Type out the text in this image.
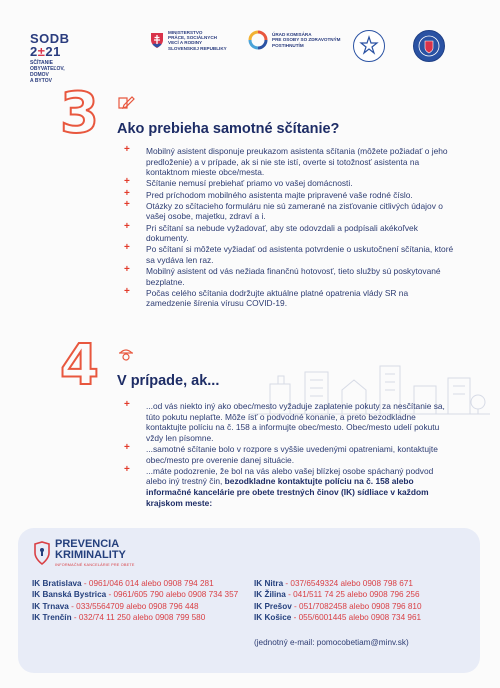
SODB
2±21
SČÍTANIE
OBYVATEĽOV,
DOMOV
A BYTOV
MINISTERSTVO
PRÁCE, SOCIÁLNYCH
VECÍ A RODINY
SLOVENSKEJ REPUBLIKY
ÚRAD KOMISÁRA
PRE OSOBY SO ZDRAVOTNÝM
POSTIHNUTÍM
3 Ako prebieha samotné sčítanie?
+ Mobilný asistent disponuje preukazom asistenta sčítania (môžete požiadať o jeho predloženie) a v prípade, ak si nie ste istí, overte si totožnosť asistenta na kontaktnom mieste obce/mesta.
+ Sčítanie nemusí prebiehať priamo vo vašej domácnosti.
+ Pred príchodom mobilného asistenta majte pripravené vaše rodné číslo.
+ Otázky zo sčítacieho formuláru nie sú zamerané na zisťovanie citlivých údajov o vašej osobe, majetku, zdraví a i.
+ Pri sčítaní sa nebude vyžadovať, aby ste odovzdali a podpísali akékoľvek dokumenty.
+ Po sčítaní si môžete vyžiadať od asistenta potvrdenie o uskutočnení sčítania, ktoré sa vydáva len raz.
+ Mobilný asistent od vás nežiada finančnú hotovosť, tieto služby sú poskytované bezplatne.
+ Počas celého sčítania dodržujte aktuálne platné opatrenia vlády SR na zamedzenie šírenia vírusu COVID-19.
4 V prípade, ak...
+ ...od vás niekto iný ako obec/mesto vyžaduje zaplatenie pokuty za nesčítanie sa, túto pokutu neplaťte. Môže ísť o podvodné konanie, a preto bezodkladne kontaktujte políciu na č. 158 a informujte obec/mesto. Obec/mesto udelí pokutu vždy len písomne.
+ ...samotné sčítanie bolo v rozpore s vyššie uvedenými opatreniami, kontaktujte obec/mesto pre overenie danej situácie.
+ ...máte podozrenie, že bol na vás alebo vašej blízkej osobe spáchaný podvod alebo iný trestný čin, bezodkladne kontaktujte políciu na č. 158 alebo informačné kancelárie pre obete trestných činov (IK) sídliace v každom krajskom meste:
PREVENCIA
KRIMINALITY
INFORMAČNÉ KANCELÁRIE PRE OBETE
IK Bratislava - 0961/046 014 alebo 0908 794 281
IK Banská Bystrica - 0961/605 790 alebo 0908 734 357
IK Trnava - 033/5564709 alebo 0908 796 448
IK Trenčín - 032/74 11 250 alebo 0908 799 580
IK Nitra - 037/6549324 alebo 0908 798 671
IK Žilina - 041/511 74 25 alebo 0908 796 256
IK Prešov - 051/7082458 alebo 0908 796 810
IK Košice - 055/6001445 alebo 0908 734 961
(jednotný e-mail: pomocobetiam@minv.sk)
